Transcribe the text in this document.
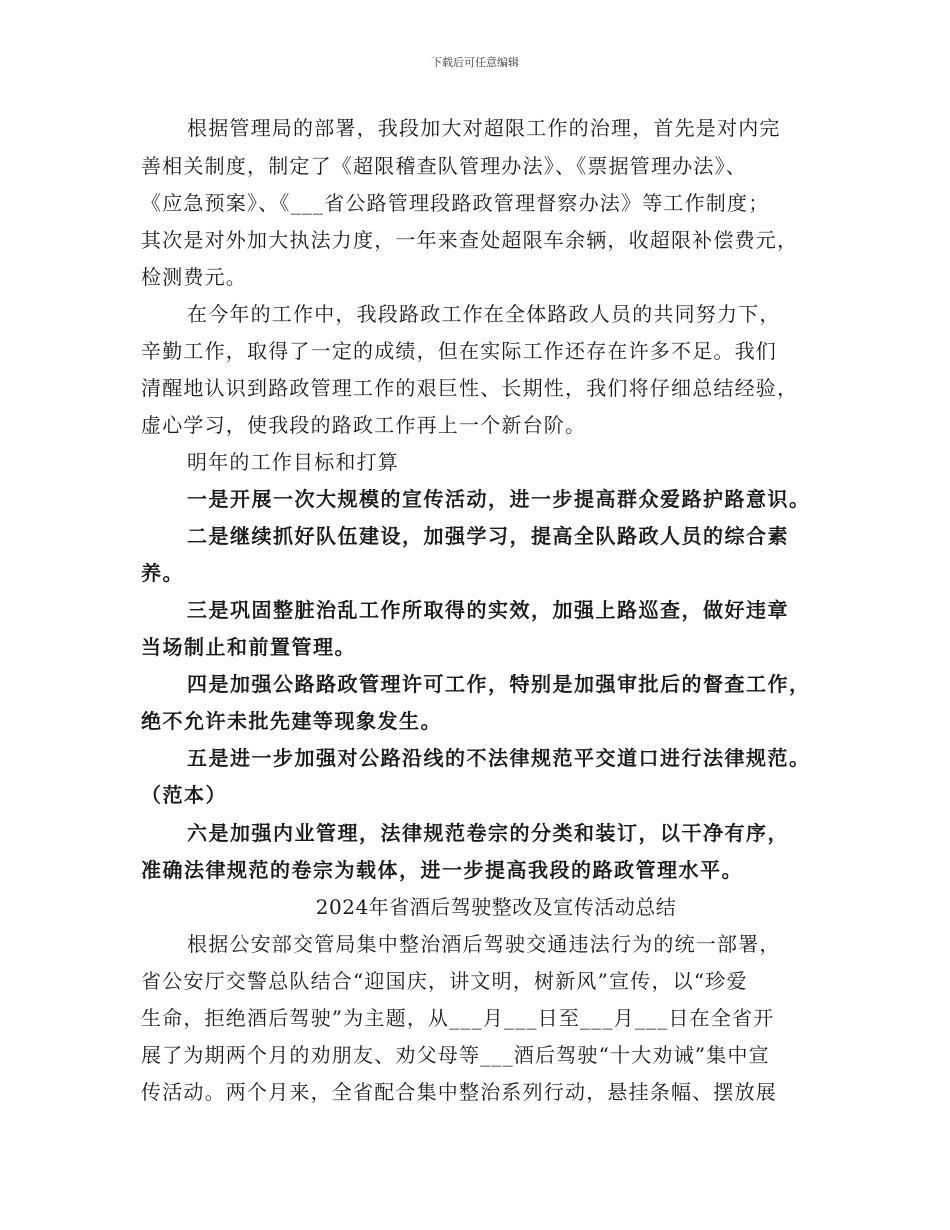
下载后可任意编辑
根据管理局的部署，我段加大对超限工作的治理，首先是对内完
善相关制度，制定了《超限稽查队管理办法》、《票据管理办法》、
《应急预案》、《___省公路管理段路政管理督察办法》等工作制度；
其次是对外加大执法力度，一年来查处超限车余辆，收超限补偿费元，
检测费元。
在今年的工作中，我段路政工作在全体路政人员的共同努力下，
辛勤工作，取得了一定的成绩，但在实际工作还存在许多不足。我们
清醒地认识到路政管理工作的艰巨性、长期性，我们将仔细总结经验，
虚心学习，使我段的路政工作再上一个新台阶。
明年的工作目标和打算
一是开展一次大规模的宣传活动，进一步提高群众爱路护路意识。
二是继续抓好队伍建设，加强学习，提高全队路政人员的综合素
养。
三是巩固整脏治乱工作所取得的实效，加强上路巡查，做好违章
当场制止和前置管理。
四是加强公路路政管理许可工作，特别是加强审批后的督查工作，
绝不允许未批先建等现象发生。
五是进一步加强对公路沿线的不法律规范平交道口进行法律规范。
（范本）
六是加强内业管理，法律规范卷宗的分类和装订，以干净有序，
准确法律规范的卷宗为载体，进一步提高我段的路政管理水平。
2024年省酒后驾驶整改及宣传活动总结
根据公安部交管局集中整治酒后驾驶交通违法行为的统一部署，
省公安厅交警总队结合“迎国庆，讲文明，树新风”宣传，以“珍爱
生命，拒绝酒后驾驶”为主题，从___月___日至___月___日在全省开
展了为期两个月的劝朋友、劝父母等___酒后驾驶“十大劝诫”集中宣
传活动。两个月来，全省配合集中整治系列行动，悬挂条幅、摆放展
